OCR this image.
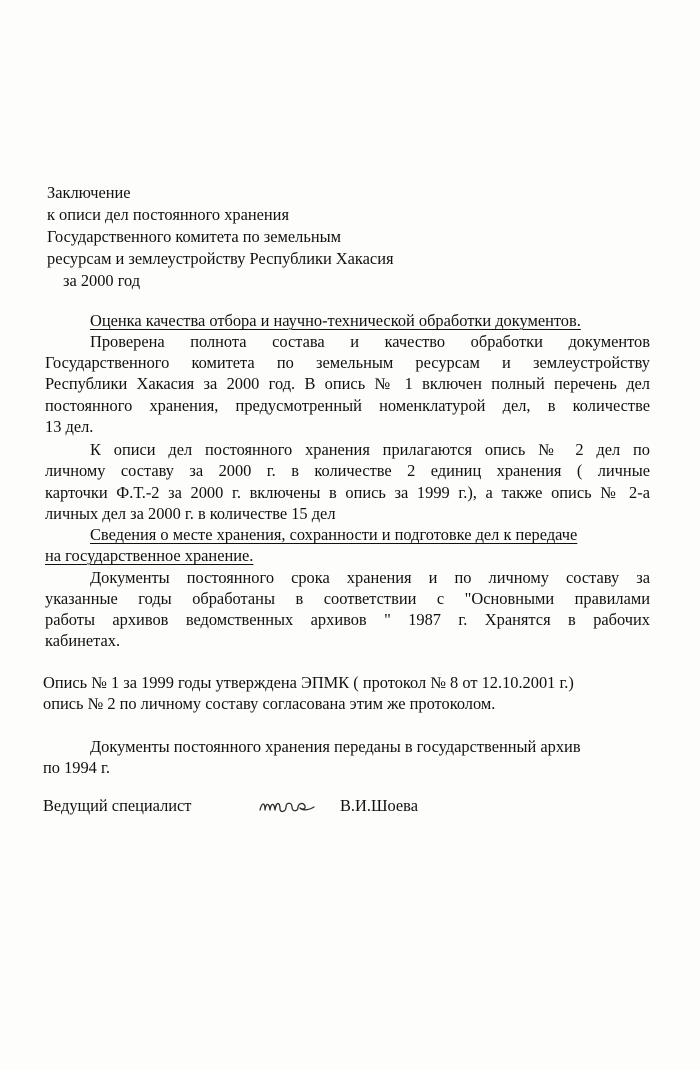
Заключение
к описи дел постоянного хранения
Государственного комитета по земельным
ресурсам и землеустройству Республики Хакасия
за 2000 год
Оценка качества отбора и научно-технической обработки документов.
Проверена полнота состава и качество обработки документов
Государственного комитета по земельным ресурсам и землеустройству
Республики Хакасия за 2000 год. В опись № 1 включен полный перечень дел
постоянного хранения, предусмотренный номенклатурой дел, в количестве
13 дел.
К описи дел постоянного хранения прилагаются опись № 2 дел по
личному составу за 2000 г. в количестве 2 единиц хранения ( личные
карточки Ф.Т.-2 за 2000 г. включены в опись за 1999 г.), а также опись № 2-а
личных дел за 2000 г. в количестве 15 дел
Сведения о месте хранения, сохранности и подготовке дел к передаче
на государственное хранение.
Документы постоянного срока хранения и по личному составу за
указанные годы обработаны в соответствии с "Основными правилами
работы архивов ведомственных архивов " 1987 г. Хранятся в рабочих
кабинетах.
Опись № 1 за 1999 годы утверждена ЭПМК ( протокол № 8 от 12.10.2001 г.)
опись № 2 по личному составу согласована этим же протоколом.
Документы постоянного хранения переданы в государственный архив
по 1994 г.
Ведущий специалист	В.И.Шоева
